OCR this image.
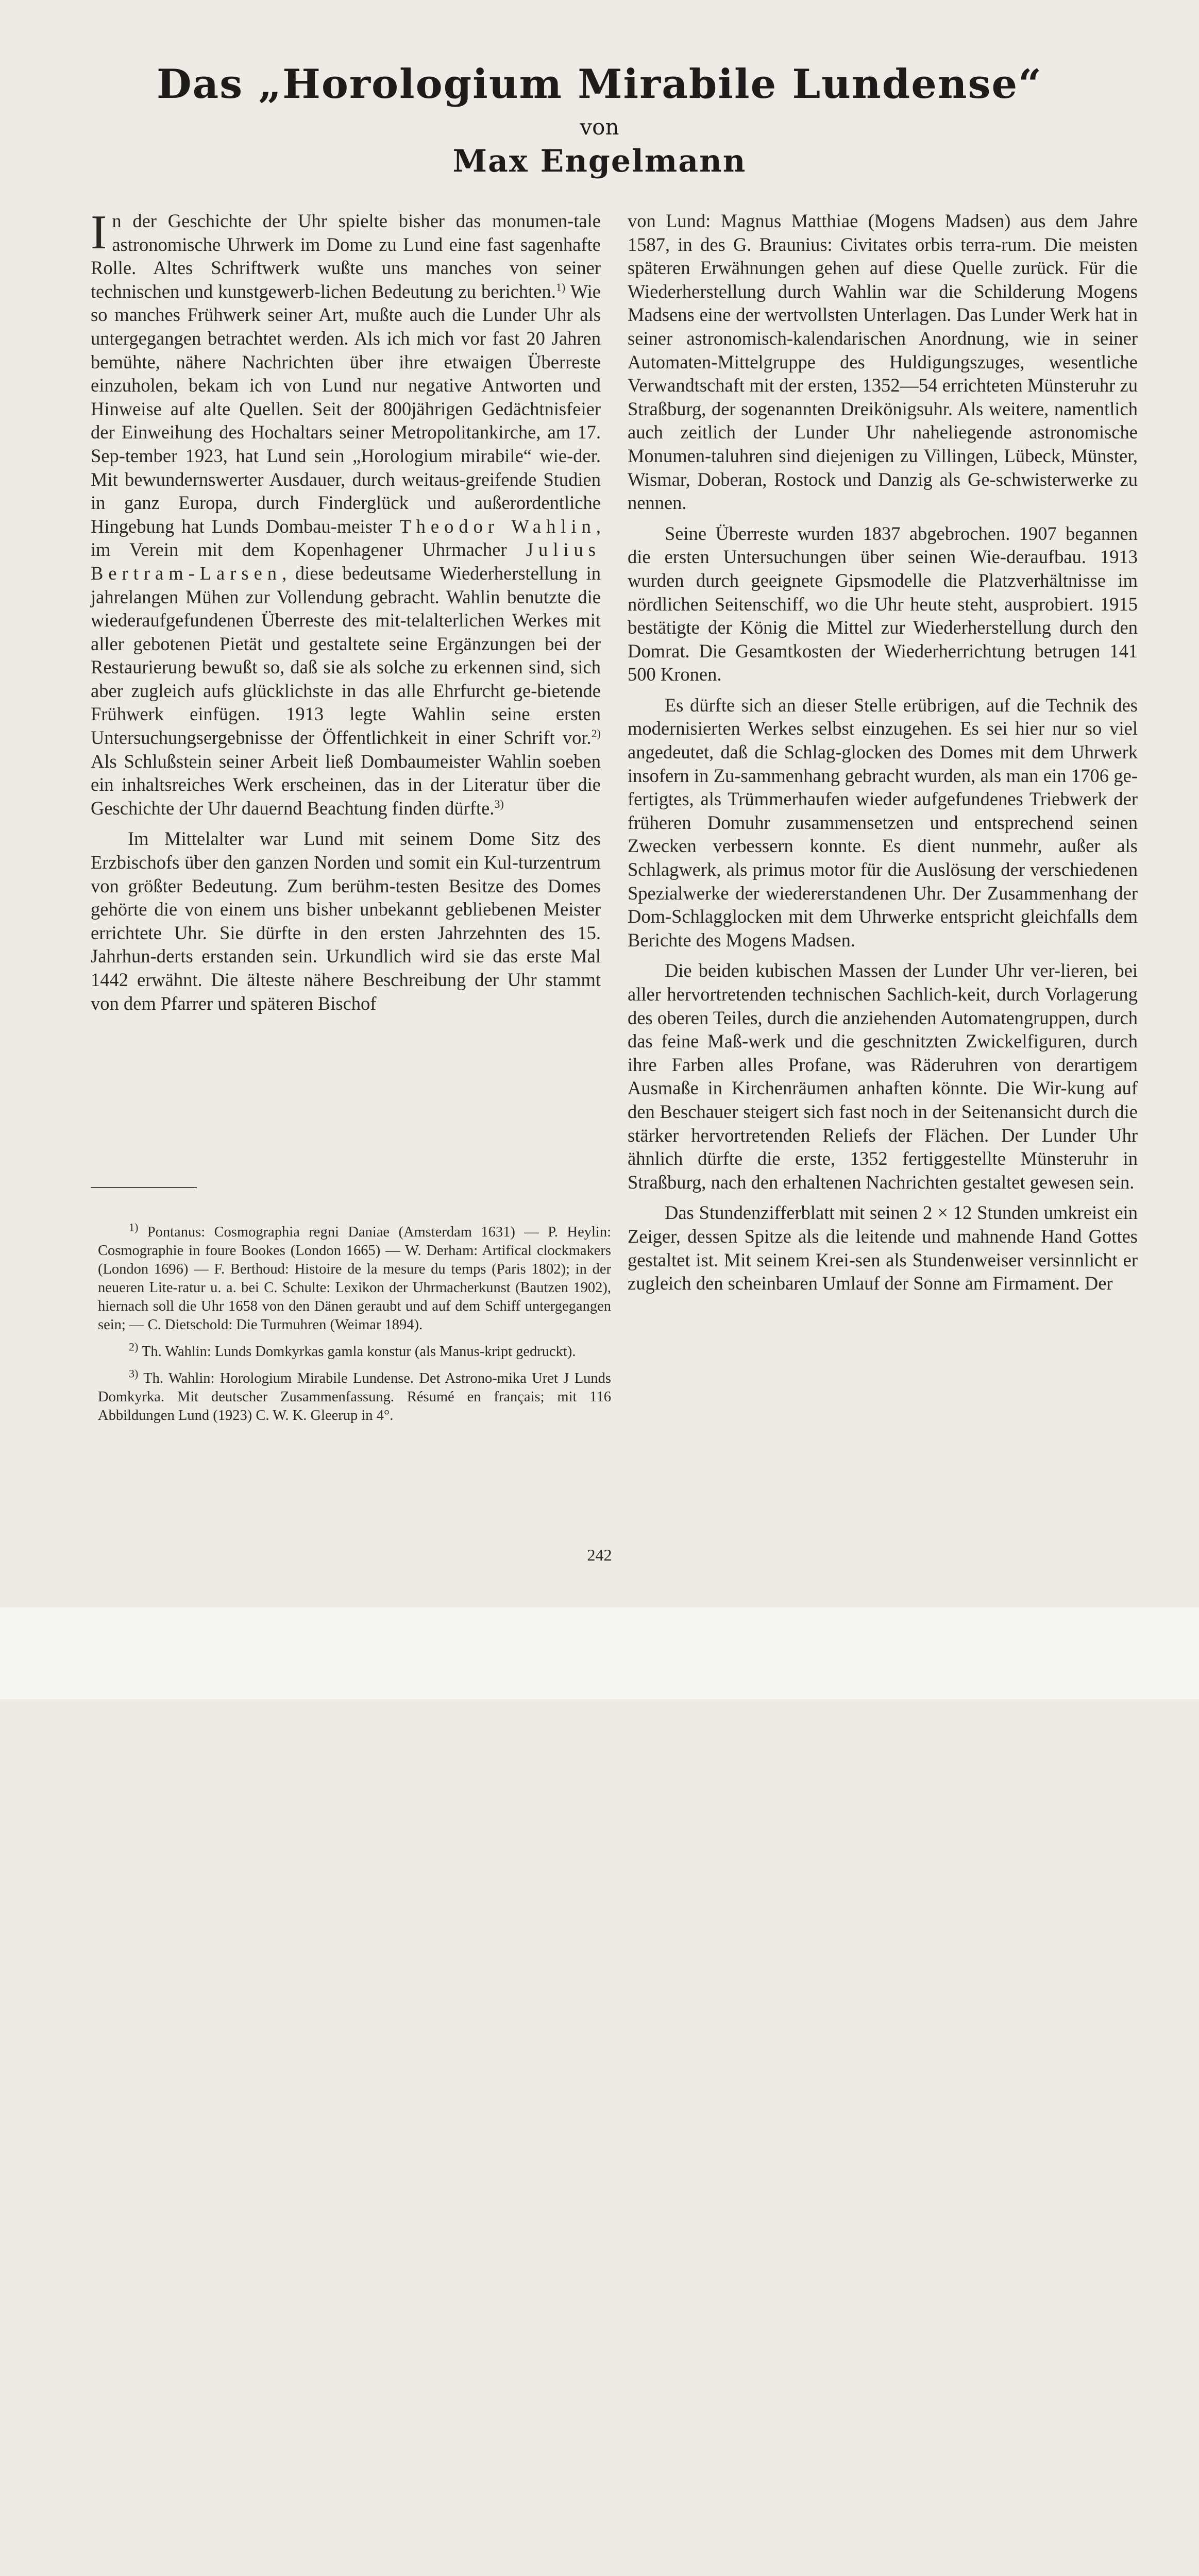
Das „Horologium Mirabile Lundense“
von
Max Engelmann

In der Geschichte der Uhr spielte bisher das monumen-tale astronomische Uhrwerk im Dome zu Lund eine fast sagenhafte Rolle. Altes Schriftwerk wußte uns manches von seiner technischen und kunstgewerb-lichen Bedeutung zu berichten.$^{1)}$ Wie so manches Frühwerk seiner Art, mußte auch die Lunder Uhr als untergegangen betrachtet werden. Als ich mich vor fast 20 Jahren bemühte, nähere Nachrichten über ihre etwaigen Überreste einzuholen, bekam ich von Lund nur negative Antworten und Hinweise auf alte Quellen. Seit der 800jährigen Gedächtnisfeier der Einweihung des Hochaltars seiner Metropolitankirche, am 17. Sep-tember 1923, hat Lund sein „Horologium mirabile“ wie-der. Mit bewundernswerter Ausdauer, durch weitaus-greifende Studien in ganz Europa, durch Finderglück und außerordentliche Hingebung hat Lunds Dombau-meister Theodor Wahlin, im Verein mit dem Kopenhagener Uhrmacher Julius Bertram-Larsen, diese bedeutsame Wiederherstellung in jahrelangen Mühen zur Vollendung gebracht. Wahlin benutzte die wiederaufgefundenen Überreste des mit-telalterlichen Werkes mit aller gebotenen Pietät und gestaltete seine Ergänzungen bei der Restaurierung bewußt so, daß sie als solche zu erkennen sind, sich aber zugleich aufs glücklichste in das alle Ehrfurcht ge-bietende Frühwerk einfügen. 1913 legte Wahlin seine ersten Untersuchungsergebnisse der Öffentlichkeit in einer Schrift vor.$^{2)}$ Als Schlußstein seiner Arbeit ließ Dombaumeister Wahlin soeben ein inhaltsreiches Werk erscheinen, das in der Literatur über die Geschichte der Uhr dauernd Beachtung finden dürfte.$^{3)}$

Im Mittelalter war Lund mit seinem Dome Sitz des Erzbischofs über den ganzen Norden und somit ein Kul-turzentrum von größter Bedeutung. Zum berühm-testen Besitze des Domes gehörte die von einem uns bisher unbekannt gebliebenen Meister errichtete Uhr. Sie dürfte in den ersten Jahrzehnten des 15. Jahrhun-derts erstanden sein. Urkundlich wird sie das erste Mal 1442 erwähnt. Die älteste nähere Beschreibung der Uhr stammt von dem Pfarrer und späteren Bischof

$^{1)}$ Pontanus: Cosmographia regni Daniae (Amsterdam 1631) — P. Heylin: Cosmographie in foure Bookes (London 1665) — W. Derham: Artifical clockmakers (London 1696) — F. Berthoud: Histoire de la mesure du temps (Paris 1802); in der neueren Lite-ratur u. a. bei C. Schulte: Lexikon der Uhrmacherkunst (Bautzen 1902), hiernach soll die Uhr 1658 von den Dänen geraubt und auf dem Schiff untergegangen sein; — C. Dietschold: Die Turmuhren (Weimar 1894).

$^{2)}$ Th. Wahlin: Lunds Domkyrkas gamla konstur (als Manus-kript gedruckt).

$^{3)}$ Th. Wahlin: Horologium Mirabile Lundense. Det Astrono-mika Uret J Lunds Domkyrka. Mit deutscher Zusammenfassung. Résumé en français; mit 116 Abbildungen Lund (1923) C. W. K. Gleerup in 4°.

von Lund: Magnus Matthiae (Mogens Madsen) aus dem Jahre 1587, in des G. Braunius: Civitates orbis terra-rum. Die meisten späteren Erwähnungen gehen auf diese Quelle zurück. Für die Wiederherstellung durch Wahlin war die Schilderung Mogens Madsens eine der wertvollsten Unterlagen. Das Lunder Werk hat in seiner astronomisch-kalendarischen Anordnung, wie in seiner Automaten-Mittelgruppe des Huldigungszuges, wesentliche Verwandtschaft mit der ersten, 1352—54 errichteten Münsteruhr zu Straßburg, der sogenannten Dreikönigsuhr. Als weitere, namentlich auch zeitlich der Lunder Uhr naheliegende astronomische Monumen-taluhren sind diejenigen zu Villingen, Lübeck, Münster, Wismar, Doberan, Rostock und Danzig als Ge-schwisterwerke zu nennen.

Seine Überreste wurden 1837 abgebrochen. 1907 begannen die ersten Untersuchungen über seinen Wie-deraufbau. 1913 wurden durch geeignete Gipsmodelle die Platzverhältnisse im nördlichen Seitenschiff, wo die Uhr heute steht, ausprobiert. 1915 bestätigte der König die Mittel zur Wiederherstellung durch den Domrat. Die Gesamtkosten der Wiederherrichtung betrugen 141 500 Kronen.

Es dürfte sich an dieser Stelle erübrigen, auf die Technik des modernisierten Werkes selbst einzugehen. Es sei hier nur so viel angedeutet, daß die Schlag-glocken des Domes mit dem Uhrwerk insofern in Zu-sammenhang gebracht wurden, als man ein 1706 ge-fertigtes, als Trümmerhaufen wieder aufgefundenes Triebwerk der früheren Domuhr zusammensetzen und entsprechend seinen Zwecken verbessern konnte. Es dient nunmehr, außer als Schlagwerk, als primus motor für die Auslösung der verschiedenen Spezialwerke der wiedererstandenen Uhr. Der Zusammenhang der Dom-Schlagglocken mit dem Uhrwerke entspricht gleichfalls dem Berichte des Mogens Madsen.

Die beiden kubischen Massen der Lunder Uhr ver-lieren, bei aller hervortretenden technischen Sachlich-keit, durch Vorlagerung des oberen Teiles, durch die anziehenden Automatengruppen, durch das feine Maß-werk und die geschnitzten Zwickelfiguren, durch ihre Farben alles Profane, was Räderuhren von derartigem Ausmaße in Kirchenräumen anhaften könnte. Die Wir-kung auf den Beschauer steigert sich fast noch in der Seitenansicht durch die stärker hervortretenden Reliefs der Flächen. Der Lunder Uhr ähnlich dürfte die erste, 1352 fertiggestellte Münsteruhr in Straßburg, nach den erhaltenen Nachrichten gestaltet gewesen sein.

Das Stundenzifferblatt mit seinen 2 × 12 Stunden umkreist ein Zeiger, dessen Spitze als die leitende und mahnende Hand Gottes gestaltet ist. Mit seinem Krei-sen als Stundenweiser versinnlicht er zugleich den scheinbaren Umlauf der Sonne am Firmament. Der

242
